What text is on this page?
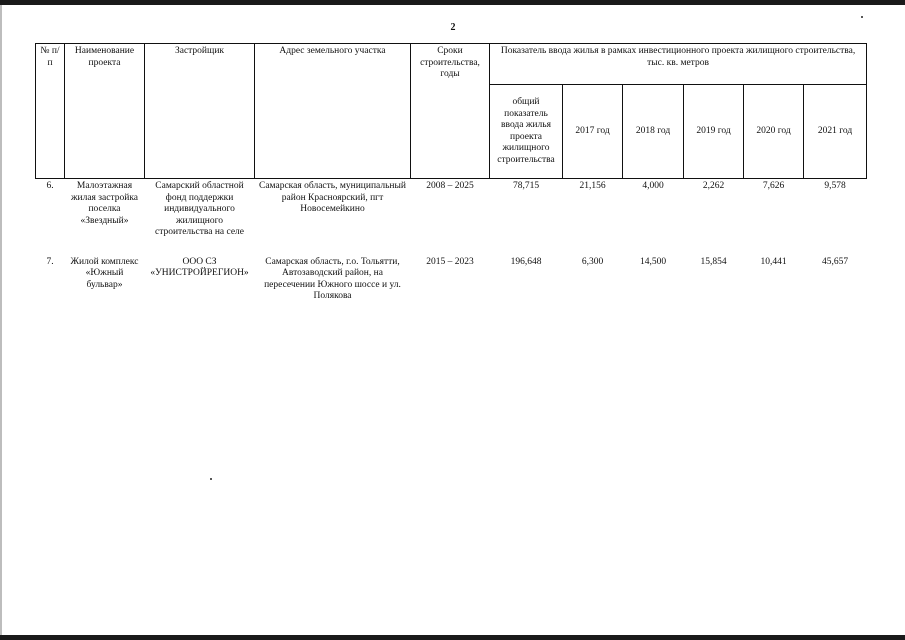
2
№ п/п	Наименование проекта	Застройщик	Адрес земельного участка	Сроки строительства, годы	Показатель ввода жилья в рамках инвестиционного проекта жилищного строительства, тыс. кв. метров					
					общий показатель ввода жилья проекта жилищного строительства	2017 год	2018 год	2019 год	2020 год	2021 год
6.	Малоэтажная жилая застройка поселка «Звездный»	Самарский областной фонд поддержки индивидуального жилищного строительства на селе	Самарская область, муниципальный район Красноярский, пгт Новосемейкино	2008 – 2025	78,715	21,156	4,000	2,262	7,626	9,578
7.	Жилой комплекс «Южный бульвар»	ООО СЗ «УНИСТРОЙРЕГИОН»	Самарская область, г.о. Тольятти, Автозаводский район, на пересечении Южного шоссе и ул. Полякова	2015 – 2023	196,648	6,300	14,500	15,854	10,441	45,657
